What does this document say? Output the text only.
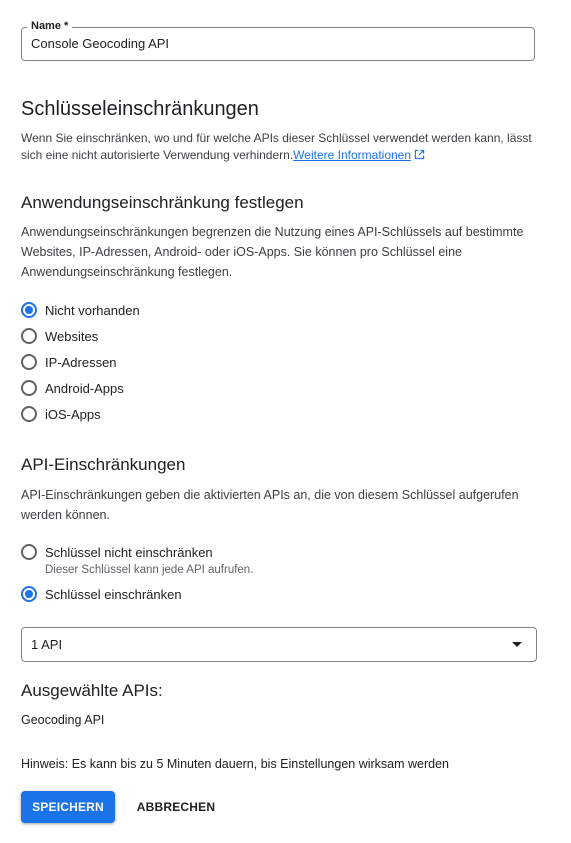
Name *
Console Geocoding API
Schlüsseleinschränkungen
Wenn Sie einschränken, wo und für welche APIs dieser Schlüssel verwendet werden kann, lässt sich eine nicht autorisierte Verwendung verhindern.Weitere Informationen
Anwendungseinschränkung festlegen
Anwendungseinschränkungen begrenzen die Nutzung eines API-Schlüssels auf bestimmte Websites, IP-Adressen, Android- oder iOS-Apps. Sie können pro Schlüssel eine Anwendungseinschränkung festlegen.
Nicht vorhanden
Websites
IP-Adressen
Android-Apps
iOS-Apps
API-Einschränkungen
API-Einschränkungen geben die aktivierten APIs an, die von diesem Schlüssel aufgerufen werden können.
Schlüssel nicht einschränken
Dieser Schlüssel kann jede API aufrufen.
Schlüssel einschränken
1 API
Ausgewählte APIs:
Geocoding API
Hinweis: Es kann bis zu 5 Minuten dauern, bis Einstellungen wirksam werden
SPEICHERN	ABBRECHEN
